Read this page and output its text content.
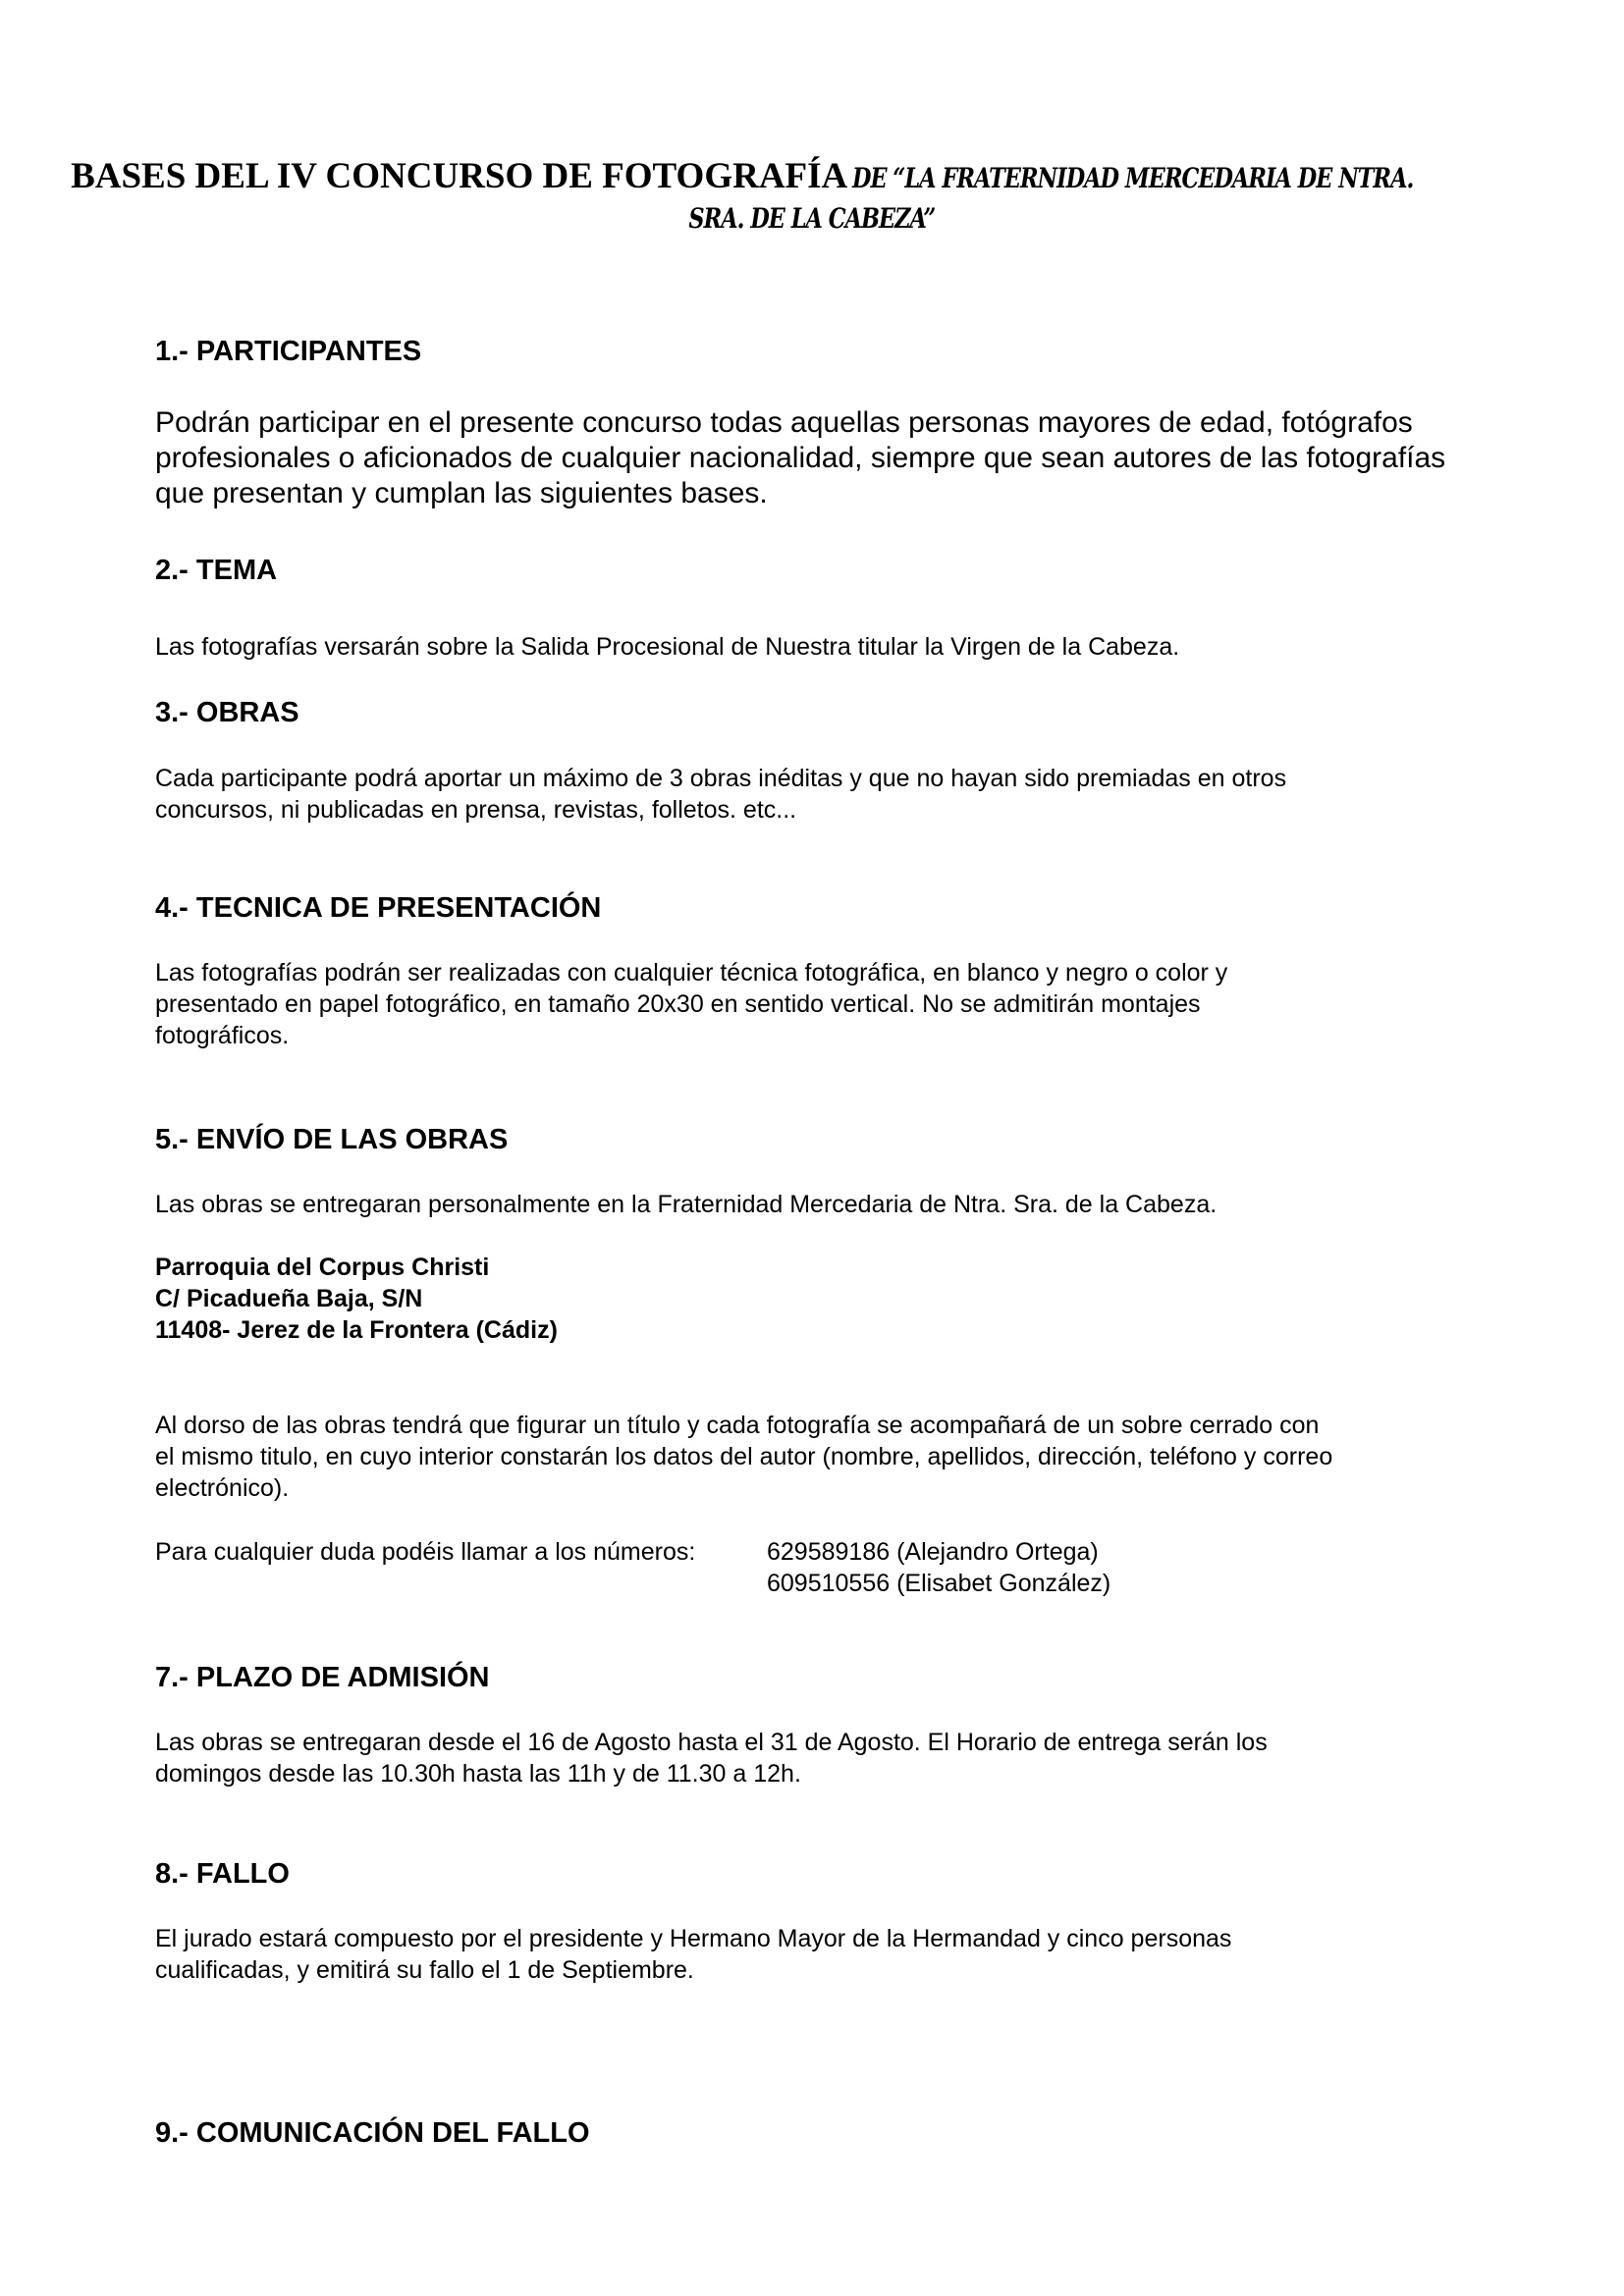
BASES DEL IV CONCURSO DE FOTOGRAFÍA DE “LA FRATERNIDAD MERCEDARIA DE NTRA.
SRA. DE LA CABEZA”
1.- PARTICIPANTES
Podrán participar en el presente concurso todas aquellas personas mayores de edad, fotógrafos
profesionales o aficionados de cualquier nacionalidad, siempre que sean autores de las fotografías
que presentan y cumplan las siguientes bases.
2.- TEMA
Las fotografías versarán sobre la Salida Procesional de Nuestra titular la Virgen de la Cabeza.
3.- OBRAS
Cada participante podrá aportar un máximo de 3 obras inéditas y que no hayan sido premiadas en otros
concursos, ni publicadas en prensa, revistas, folletos. etc...
4.- TECNICA DE PRESENTACIÓN
Las fotografías podrán ser realizadas con cualquier técnica fotográfica, en blanco y negro o color y
presentado en papel fotográfico, en tamaño 20x30 en sentido vertical. No se admitirán montajes
fotográficos.
5.- ENVÍO DE LAS OBRAS
Las obras se entregaran personalmente en la Fraternidad Mercedaria de Ntra. Sra. de la Cabeza.
Parroquia del Corpus Christi
C/ Picadueña Baja, S/N
11408- Jerez de la Frontera (Cádiz)
Al dorso de las obras tendrá que figurar un título y cada fotografía se acompañará de un sobre cerrado con
el mismo titulo, en cuyo interior constarán los datos del autor (nombre, apellidos, dirección, teléfono y correo
electrónico).
Para cualquier duda podéis llamar a los números:	629589186 (Alejandro Ortega)
609510556 (Elisabet González)
7.- PLAZO DE ADMISIÓN
Las obras se entregaran desde el 16 de Agosto hasta el 31 de Agosto. El Horario de entrega serán los
domingos desde las 10.30h hasta las 11h y de 11.30 a 12h.
8.- FALLO
El jurado estará compuesto por el presidente y Hermano Mayor de la Hermandad y cinco personas
cualificadas, y emitirá su fallo el 1 de Septiembre.
9.- COMUNICACIÓN DEL FALLO
